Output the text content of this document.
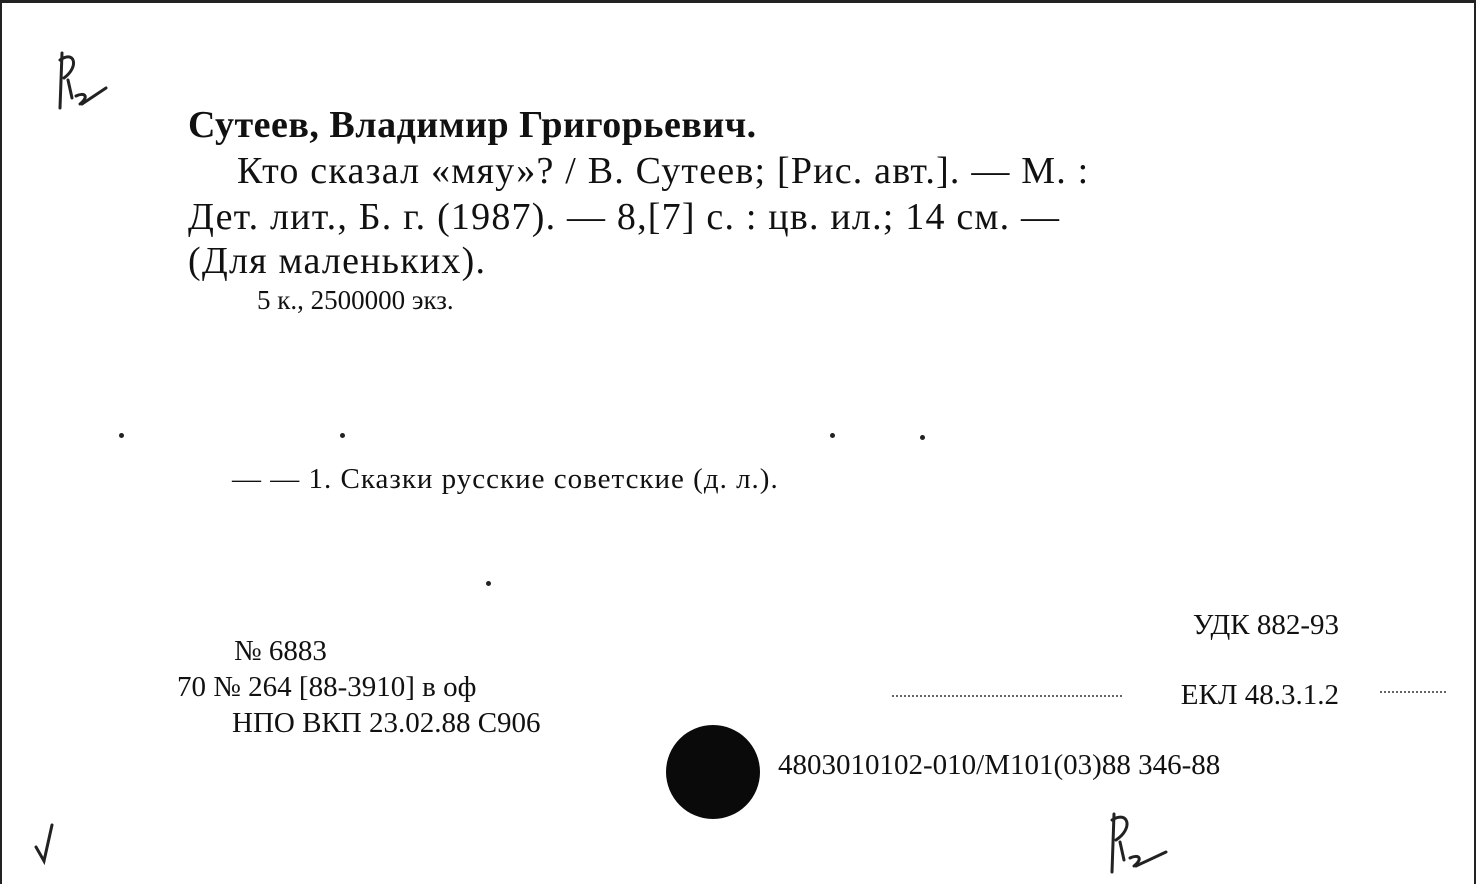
Сутеев, Владимир Григорьевич.
Кто сказал «мяу»? / В. Сутеев; [Рис. авт.]. — М. :
Дет. лит., Б. г. (1987). — 8,[7] с. : цв. ил.; 14 см. —
(Для маленьких).
5 к., 2500000 экз.
— — 1. Сказки русские советские (д. л.).
№ 6883
70 № 264 [88-3910] в оф
НПО ВКП 23.02.88 С906
УДК 882-93
ЕКЛ 48.3.1.2
4803010102-010/М101(03)88 346-88
